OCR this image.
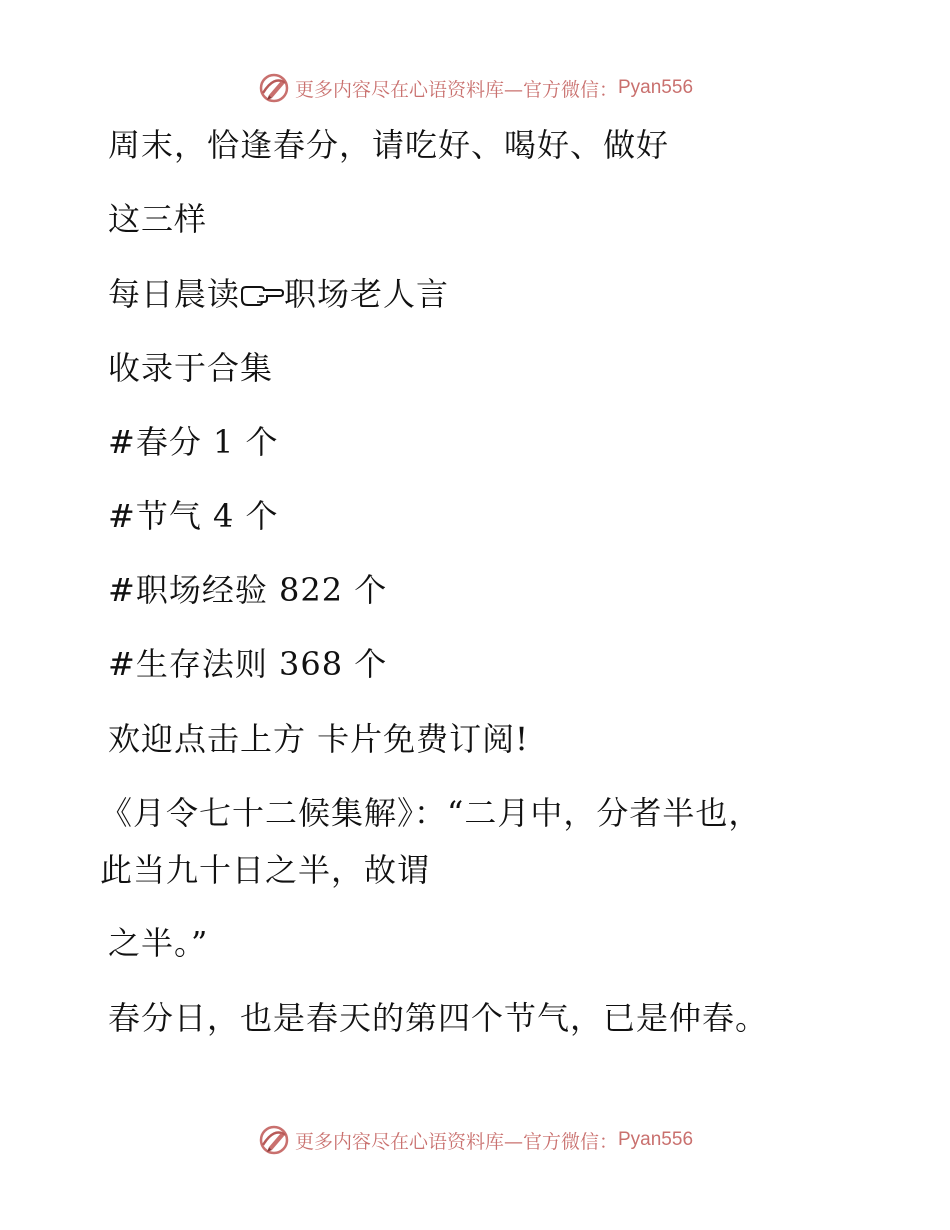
更多内容尽在心语资料库—官方微信： Pyan556
周末，恰逢春分，请吃好、喝好、做好
这三样
每日晨读 职场老人言
收录于合集
#春分 1 个
#节气 4 个
#职场经验 822 个
#生存法则 368 个
欢迎点击上方 卡片免费订阅!
《月令七十二候集解》：“二月中，分者半也，
此当九十日之半，故谓
之半。”
春分日，也是春天的第四个节气，已是仲春。
更多内容尽在心语资料库—官方微信： Pyan556
